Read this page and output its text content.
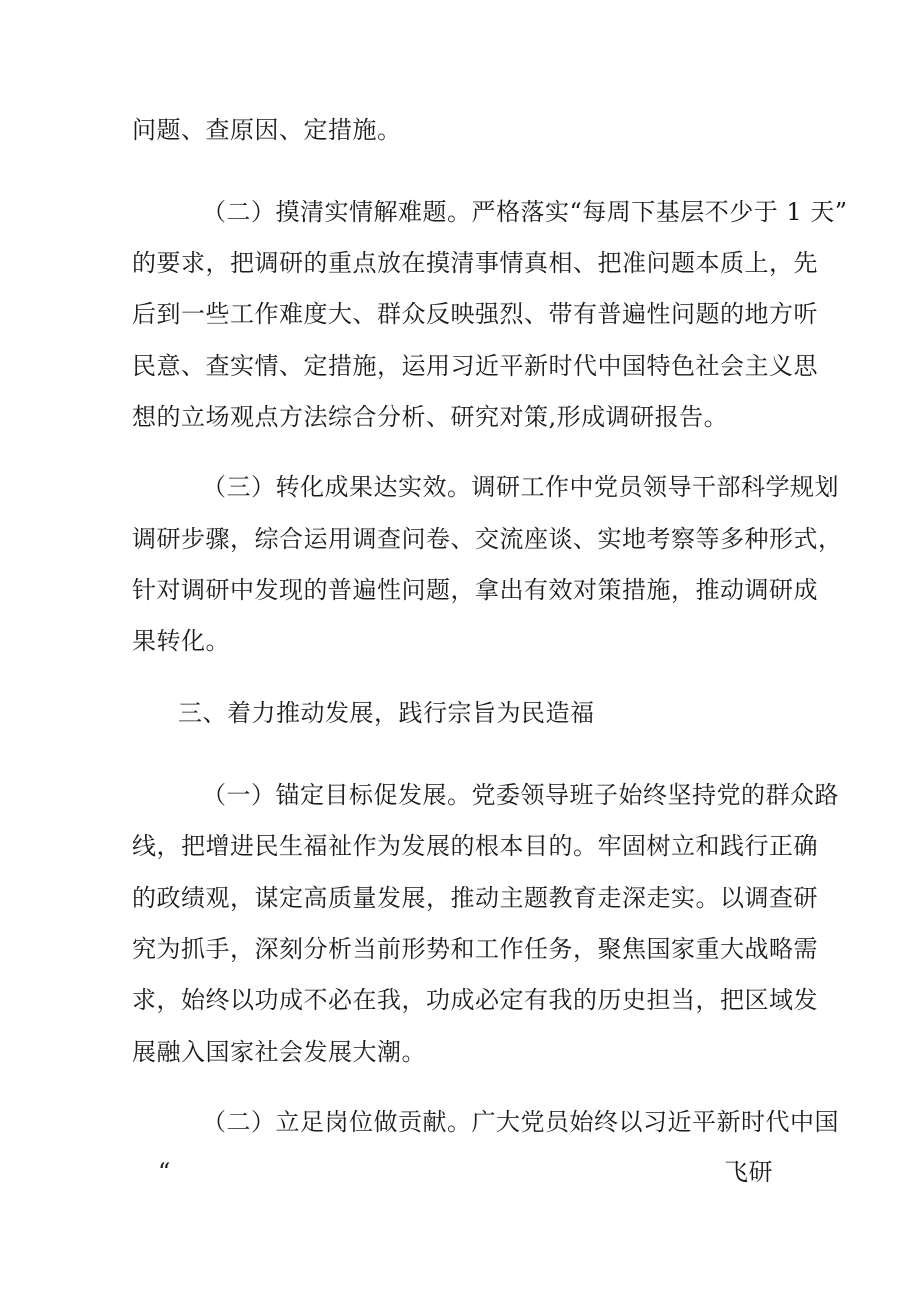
问题、查原因、定措施。
（二）摸清实情解难题。严格落实“每周下基层不少于 1 天”
的要求，把调研的重点放在摸清事情真相、把准问题本质上，先
后到一些工作难度大、群众反映强烈、带有普遍性问题的地方听
民意、查实情、定措施，运用习近平新时代中国特色社会主义思
想的立场观点方法综合分析、研究对策,形成调研报告。
（三）转化成果达实效。调研工作中党员领导干部科学规划
调研步骤，综合运用调查问卷、交流座谈、实地考察等多种形式，
针对调研中发现的普遍性问题，拿出有效对策措施，推动调研成
果转化。
三、着力推动发展，践行宗旨为民造福
（一）锚定目标促发展。党委领导班子始终坚持党的群众路
线，把增进民生福祉作为发展的根本目的。牢固树立和践行正确
的政绩观，谋定高质量发展，推动主题教育走深走实。以调查研
究为抓手，深刻分析当前形势和工作任务，聚焦国家重大战略需
求，始终以功成不必在我，功成必定有我的历史担当，把区域发
展融入国家社会发展大潮。
（二）立足岗位做贡献。广大党员始终以习近平新时代中国
“	飞研
